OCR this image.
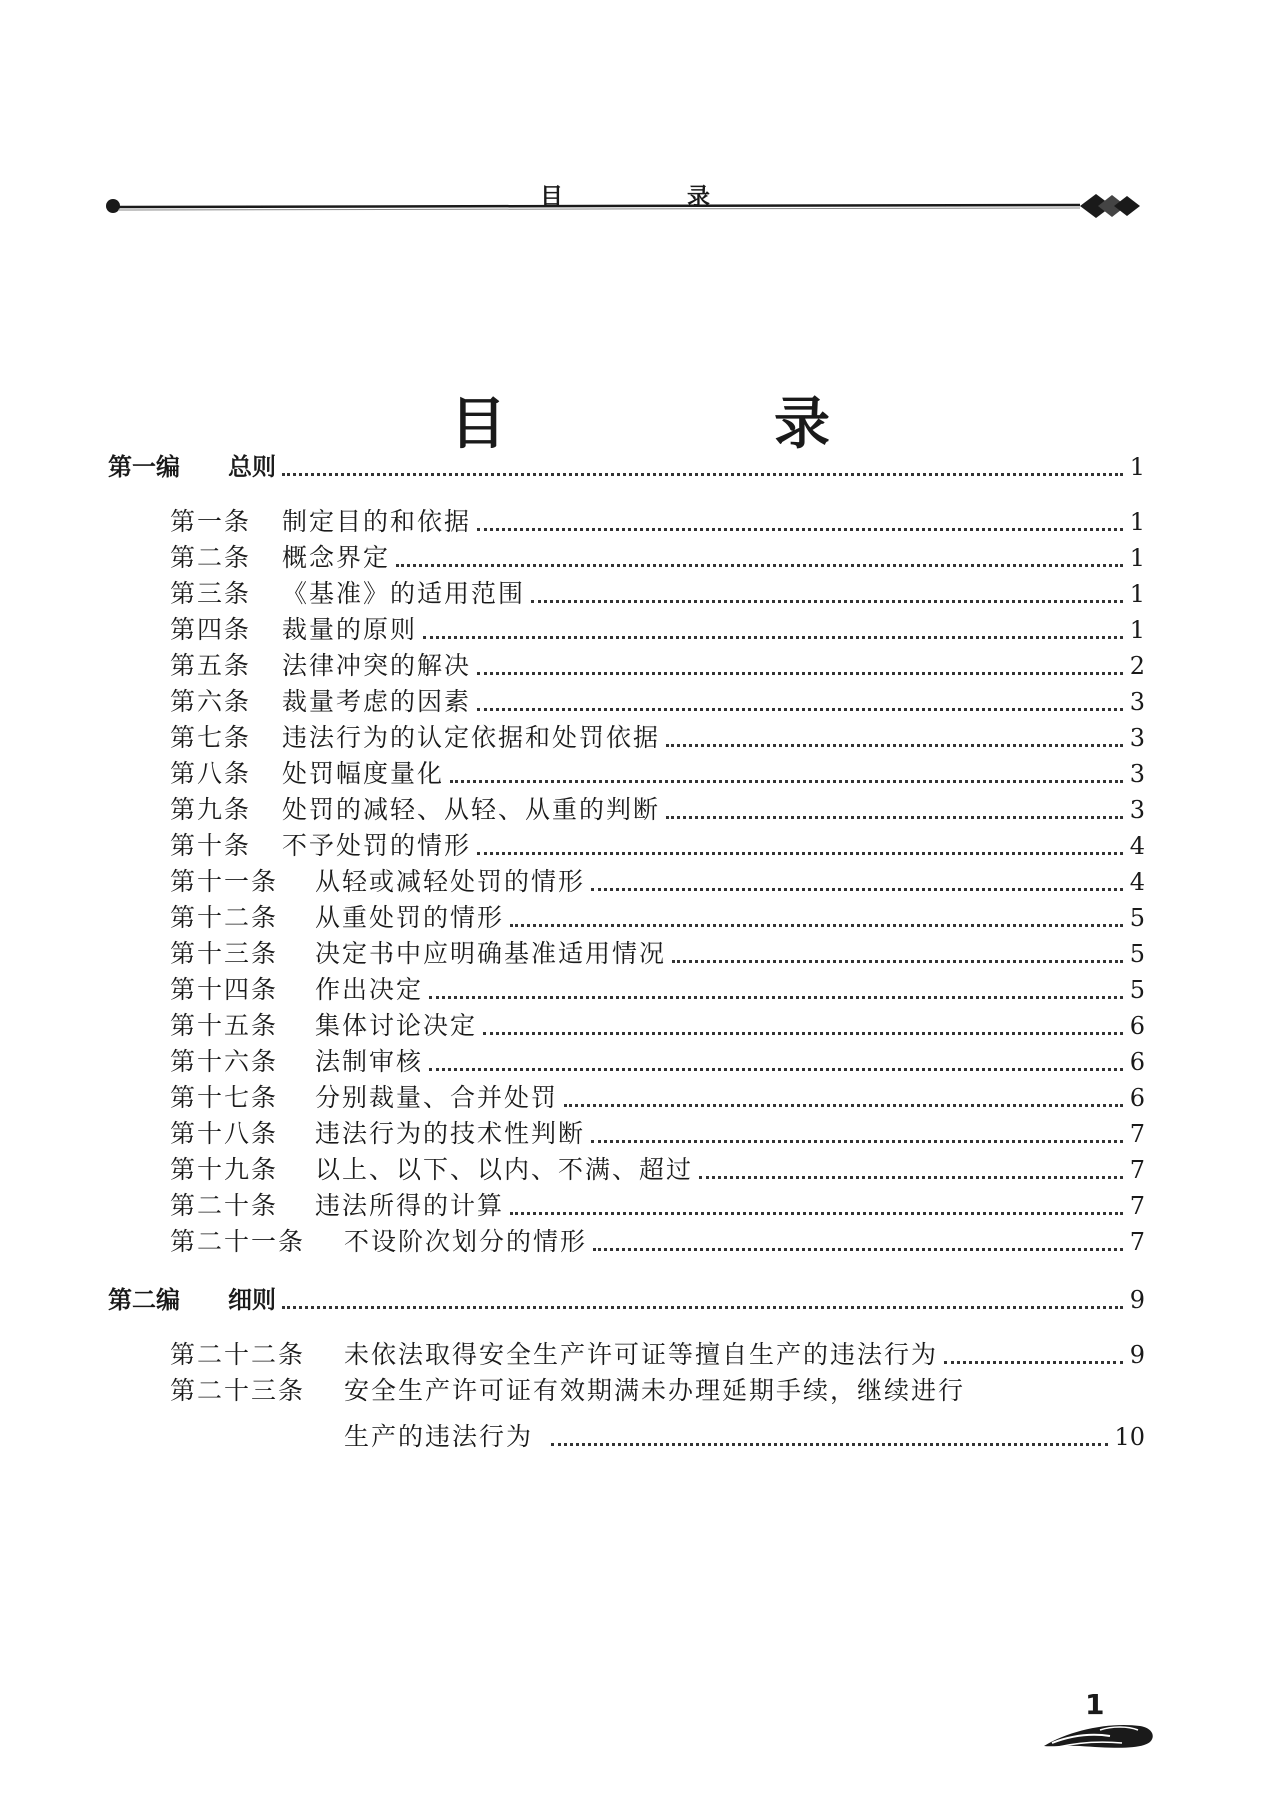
目	录
目	录
第一编	总则	1
第一条	制定目的和依据	1
第二条	概念界定	1
第三条	《基准》的适用范围	1
第四条	裁量的原则	1
第五条	法律冲突的解决	2
第六条	裁量考虑的因素	3
第七条	违法行为的认定依据和处罚依据	3
第八条	处罚幅度量化	3
第九条	处罚的减轻、从轻、从重的判断	3
第十条	不予处罚的情形	4
第十一条	从轻或减轻处罚的情形	4
第十二条	从重处罚的情形	5
第十三条	决定书中应明确基准适用情况	5
第十四条	作出决定	5
第十五条	集体讨论决定	6
第十六条	法制审核	6
第十七条	分别裁量、合并处罚	6
第十八条	违法行为的技术性判断	7
第十九条	以上、以下、以内、不满、超过	7
第二十条	违法所得的计算	7
第二十一条	不设阶次划分的情形	7
第二编	细则	9
第二十二条	未依法取得安全生产许可证等擅自生产的违法行为	9
第二十三条	安全生产许可证有效期满未办理延期手续，继续进行
生产的违法行为	10
1
